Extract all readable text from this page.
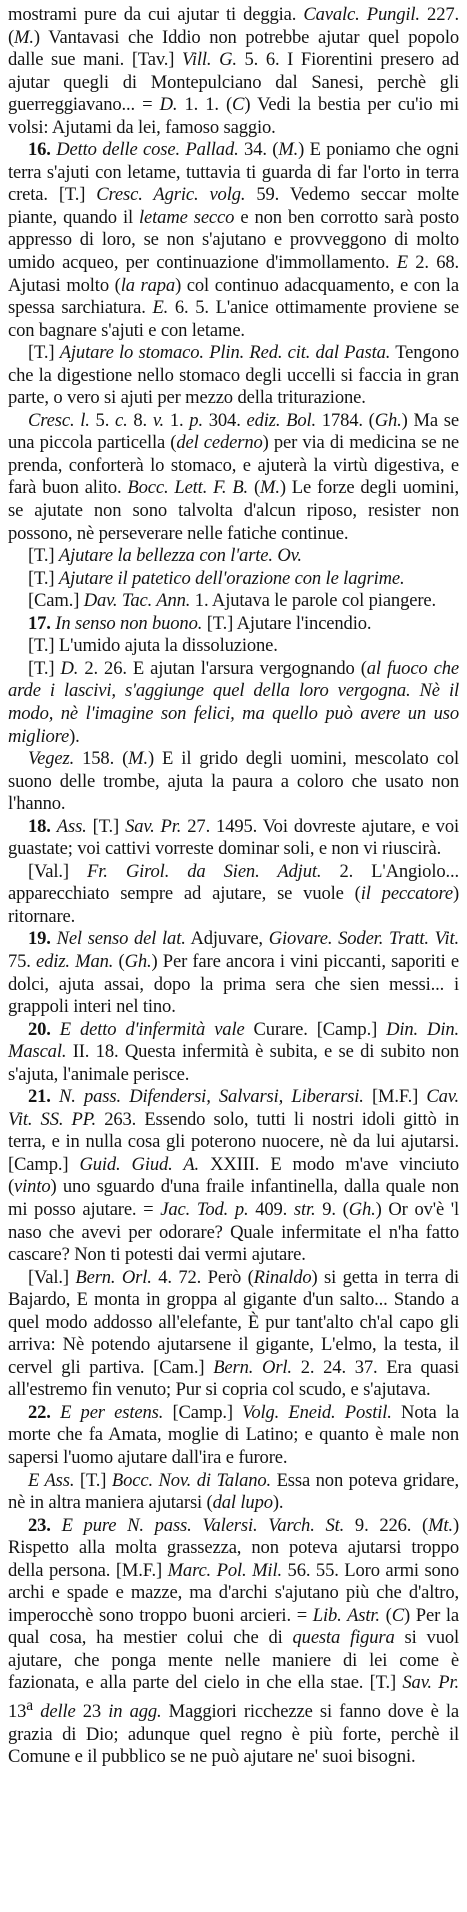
mostrami pure da cui ajutar ti deggia. Cavalc. Pungil. 227. (M.) Vantavasi che Iddio non potrebbe ajutar quel popolo dalle sue mani. [Tav.] Vill. G. 5. 6. I Fiorentini presero ad ajutar quegli di Montepulciano dal Sanesi, perchè gli guerreggiavano... = D. 1. 1. (C) Vedi la bestia per cu'io mi volsi: Ajutami da lei, famoso saggio.

16. Detto delle cose. Pallad. 34. (M.) E poniamo che ogni terra s'ajuti con letame, tuttavia ti guarda di far l'orto in terra creta. [T.] Cresc. Agric. volg. 59. Vedemo seccar molte piante, quando il letame secco e non ben corrotto sarà posto appresso di loro, se non s'ajutano e provveggono di molto umido acqueo, per continuazione d'immollamento. E 2. 68. Ajutasi molto (la rapa) col continuo adacquamento, e con la spessa sarchiatura. E. 6. 5. L'anice ottimamente proviene se con bagnare s'ajuti e con letame.

[T.] Ajutare lo stomaco. Plin. Red. cit. dal Pasta. Tengono che la digestione nello stomaco degli uccelli si faccia in gran parte, o vero si ajuti per mezzo della triturazione.

Cresc. l. 5. c. 8. v. 1. p. 304. ediz. Bol. 1784. (Gh.) Ma se una piccola particella (del cederno) per via di medicina se ne prenda, conforterà lo stomaco, e ajuterà la virtù digestiva, e farà buon alito. Bocc. Lett. F. B. (M.) Le forze degli uomini, se ajutate non sono talvolta d'alcun riposo, resister non possono, nè perseverare nelle fatiche continue.

[T.] Ajutare la bellezza con l'arte. Ov.

[T.] Ajutare il patetico dell'orazione con le lagrime.

[Cam.] Dav. Tac. Ann. 1. Ajutava le parole col piangere.

17. In senso non buono. [T.] Ajutare l'incendio.

[T.] L'umido ajuta la dissoluzione.

[T.] D. 2. 26. E ajutan l'arsura vergognando (al fuoco che arde i lascivi, s'aggiunge quel della loro vergogna. Nè il modo, nè l'imagine son felici, ma quello può avere un uso migliore).

Vegez. 158. (M.) E il grido degli uomini, mescolato col suono delle trombe, ajuta la paura a coloro che usato non l'hanno.

18. Ass. [T.] Sav. Pr. 27. 1495. Voi dovreste ajutare, e voi guastate; voi cattivi vorreste dominar soli, e non vi riuscirà.

[Val.] Fr. Girol. da Sien. Adjut. 2. L'Angiolo... apparecchiato sempre ad ajutare, se vuole (il peccatore) ritornare.

19. Nel senso del lat. Adjuvare, Giovare. Soder. Tratt. Vit. 75. ediz. Man. (Gh.) Per fare ancora i vini piccanti, saporiti e dolci, ajuta assai, dopo la prima sera che sien messi... i grappoli interi nel tino.

20. E detto d'infermità vale Curare. [Camp.] Din. Din. Mascal. II. 18. Questa infermità è subita, e se di subito non s'ajuta, l'animale perisce.

21. N. pass. Difendersi, Salvarsi, Liberarsi. [M.F.] Cav. Vit. SS. PP. 263. Essendo solo, tutti li nostri idoli gittò in terra, e in nulla cosa gli poterono nuocere, nè da lui ajutarsi. [Camp.] Guid. Giud. A. XXIII. E modo m'ave vinciuto (vinto) uno sguardo d'una fraile infantinella, dalla quale non mi posso ajutare. = Jac. Tod. p. 409. str. 9. (Gh.) Or ov'è 'l naso che avevi per odorare? Quale infermitate el n'ha fatto cascare? Non ti potesti dai vermi ajutare.

[Val.] Bern. Orl. 4. 72. Però (Rinaldo) si getta in terra di Bajardo, E monta in groppa al gigante d'un salto... Stando a quel modo addosso all'elefante, È pur tant'alto ch'al capo gli arriva: Nè potendo ajutarsene il gigante, L'elmo, la testa, il cervel gli partiva. [Cam.] Bern. Orl. 2. 24. 37. Era quasi all'estremo fin venuto; Pur si copria col scudo, e s'ajutava.

22. E per estens. [Camp.] Volg. Eneid. Postil. Nota la morte che fa Amata, moglie di Latino; e quanto è male non sapersi l'uomo ajutare dall'ira e furore.

E Ass. [T.] Bocc. Nov. di Talano. Essa non poteva gridare, nè in altra maniera ajutarsi (dal lupo).

23. E pure N. pass. Valersi. Varch. St. 9. 226. (Mt.) Rispetto alla molta grassezza, non poteva ajutarsi troppo della persona. [M.F.] Marc. Pol. Mil. 56. 55. Loro armi sono archi e spade e mazze, ma d'archi s'ajutano più che d'altro, imperocchè sono troppo buoni arcieri. = Lib. Astr. (C) Per la qual cosa, ha mestier colui che di questa figura si vuol ajutare, che ponga mente nelle maniere di lei come è fazionata, e alla parte del cielo in che ella stae. [T.] Sav. Pr. 13$^a$ delle 23 in agg. Maggiori ricchezze si fanno dove è la grazia di Dio; adunque quel regno è più forte, perchè il Comune e il pubblico se ne può ajutare ne' suoi bisogni.
